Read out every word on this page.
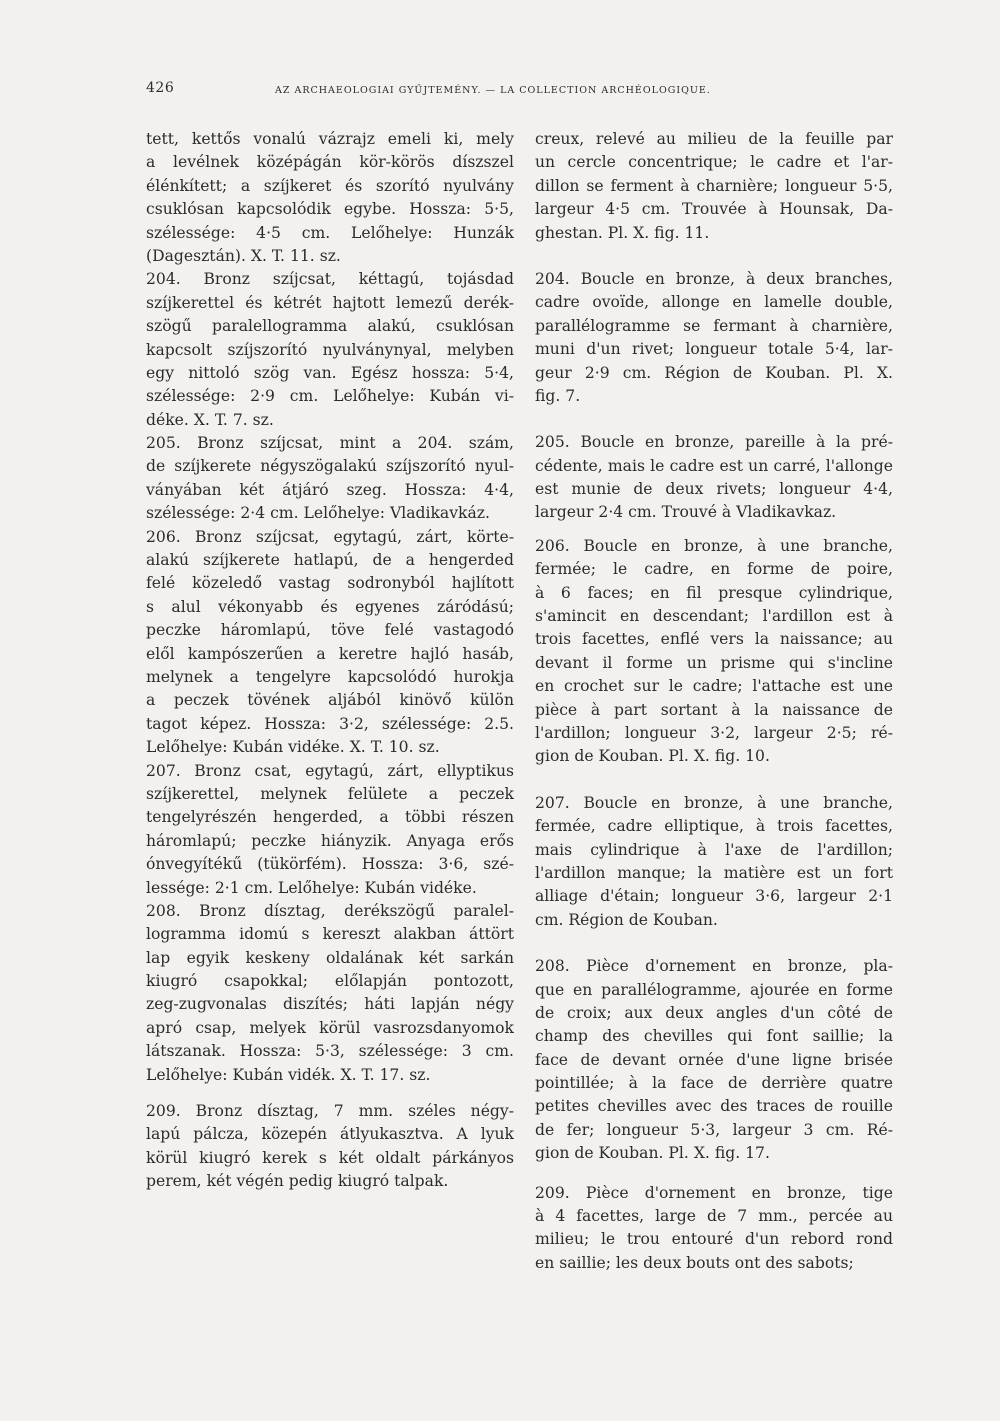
426	AZ ARCHAEOLOGIAI GYŰJTEMÉNY. — LA COLLECTION ARCHÉOLOGIQUE.
tett, kettős vonalú vázrajz emeli ki, mely
a levélnek középágán kör-körös díszszel
élénkített; a szíjkeret és szorító nyulvány
csuklósan kapcsolódik egybe. Hossza: 5·5,
szélessége: 4·5 cm. Lelőhelye: Hunzák
(Dagesztán). X. T. 11. sz.
204. Bronz szíjcsat, kéttagú, tojásdad
szíjkerettel és kétrét hajtott lemezű derék-
szögű paralellogramma alakú, csuklósan
kapcsolt szíjszorító nyulványnyal, melyben
egy nittoló szög van. Egész hossza: 5·4,
szélessége: 2·9 cm. Lelőhelye: Kubán vi-
déke. X. T. 7. sz.
205. Bronz szíjcsat, mint a 204. szám,
de szíjkerete négyszögalakú szíjszorító nyul-
ványában két átjáró szeg. Hossza: 4·4,
szélessége: 2·4 cm. Lelőhelye: Vladikavkáz.
206. Bronz szíjcsat, egytagú, zárt, körte-
alakú szíjkerete hatlapú, de a hengerded
felé közeledő vastag sodronyból hajlított
s alul vékonyabb és egyenes záródású;
peczke háromlapú, töve felé vastagodó
elől kampószerűen a keretre hajló hasáb,
melynek a tengelyre kapcsolódó hurokja
a peczek tövének aljából kinövő külön
tagot képez. Hossza: 3·2, szélessége: 2.5.
Lelőhelye: Kubán vidéke. X. T. 10. sz.
207. Bronz csat, egytagú, zárt, ellyptikus
szíjkerettel, melynek felülete a peczek
tengelyrészén hengerded, a többi részen
háromlapú; peczke hiányzik. Anyaga erős
ónvegyítékű (tükörfém). Hossza: 3·6, szé-
lessége: 2·1 cm. Lelőhelye: Kubán vidéke.
208. Bronz dísztag, derékszögű paralel-
logramma idomú s kereszt alakban áttört
lap egyik keskeny oldalának két sarkán
kiugró csapokkal; előlapján pontozott,
zeg-zugvonalas diszítés; háti lapján négy
apró csap, melyek körül vasrozsdanyomok
látszanak. Hossza: 5·3, szélessége: 3 cm.
Lelőhelye: Kubán vidék. X. T. 17. sz.
209. Bronz dísztag, 7 mm. széles négy-
lapú pálcza, közepén átlyukasztva. A lyuk
körül kiugró kerek s két oldalt párkányos
perem, két végén pedig kiugró talpak.
creux, relevé au milieu de la feuille par
un cercle concentrique; le cadre et l'ar-
dillon se ferment à charnière; longueur 5·5,
largeur 4·5 cm. Trouvée à Hounsak, Da-
ghestan. Pl. X. fig. 11.
204. Boucle en bronze, à deux branches,
cadre ovoïde, allonge en lamelle double,
parallélogramme se fermant à charnière,
muni d'un rivet; longueur totale 5·4, lar-
geur 2·9 cm. Région de Kouban. Pl. X.
fig. 7.
205. Boucle en bronze, pareille à la pré-
cédente, mais le cadre est un carré, l'allonge
est munie de deux rivets; longueur 4·4,
largeur 2·4 cm. Trouvé à Vladikavkaz.
206. Boucle en bronze, à une branche,
fermée; le cadre, en forme de poire,
à 6 faces; en fil presque cylindrique,
s'amincit en descendant; l'ardillon est à
trois facettes, enflé vers la naissance; au
devant il forme un prisme qui s'incline
en crochet sur le cadre; l'attache est une
pièce à part sortant à la naissance de
l'ardillon; longueur 3·2, largeur 2·5; ré-
gion de Kouban. Pl. X. fig. 10.
207. Boucle en bronze, à une branche,
fermée, cadre elliptique, à trois facettes,
mais cylindrique à l'axe de l'ardillon;
l'ardillon manque; la matière est un fort
alliage d'étain; longueur 3·6, largeur 2·1
cm. Région de Kouban.
208. Pièce d'ornement en bronze, pla-
que en parallélogramme, ajourée en forme
de croix; aux deux angles d'un côté de
champ des chevilles qui font saillie; la
face de devant ornée d'une ligne brisée
pointillée; à la face de derrière quatre
petites chevilles avec des traces de rouille
de fer; longueur 5·3, largeur 3 cm. Ré-
gion de Kouban. Pl. X. fig. 17.
209. Pièce d'ornement en bronze, tige
à 4 facettes, large de 7 mm., percée au
milieu; le trou entouré d'un rebord rond
en saillie; les deux bouts ont des sabots;
